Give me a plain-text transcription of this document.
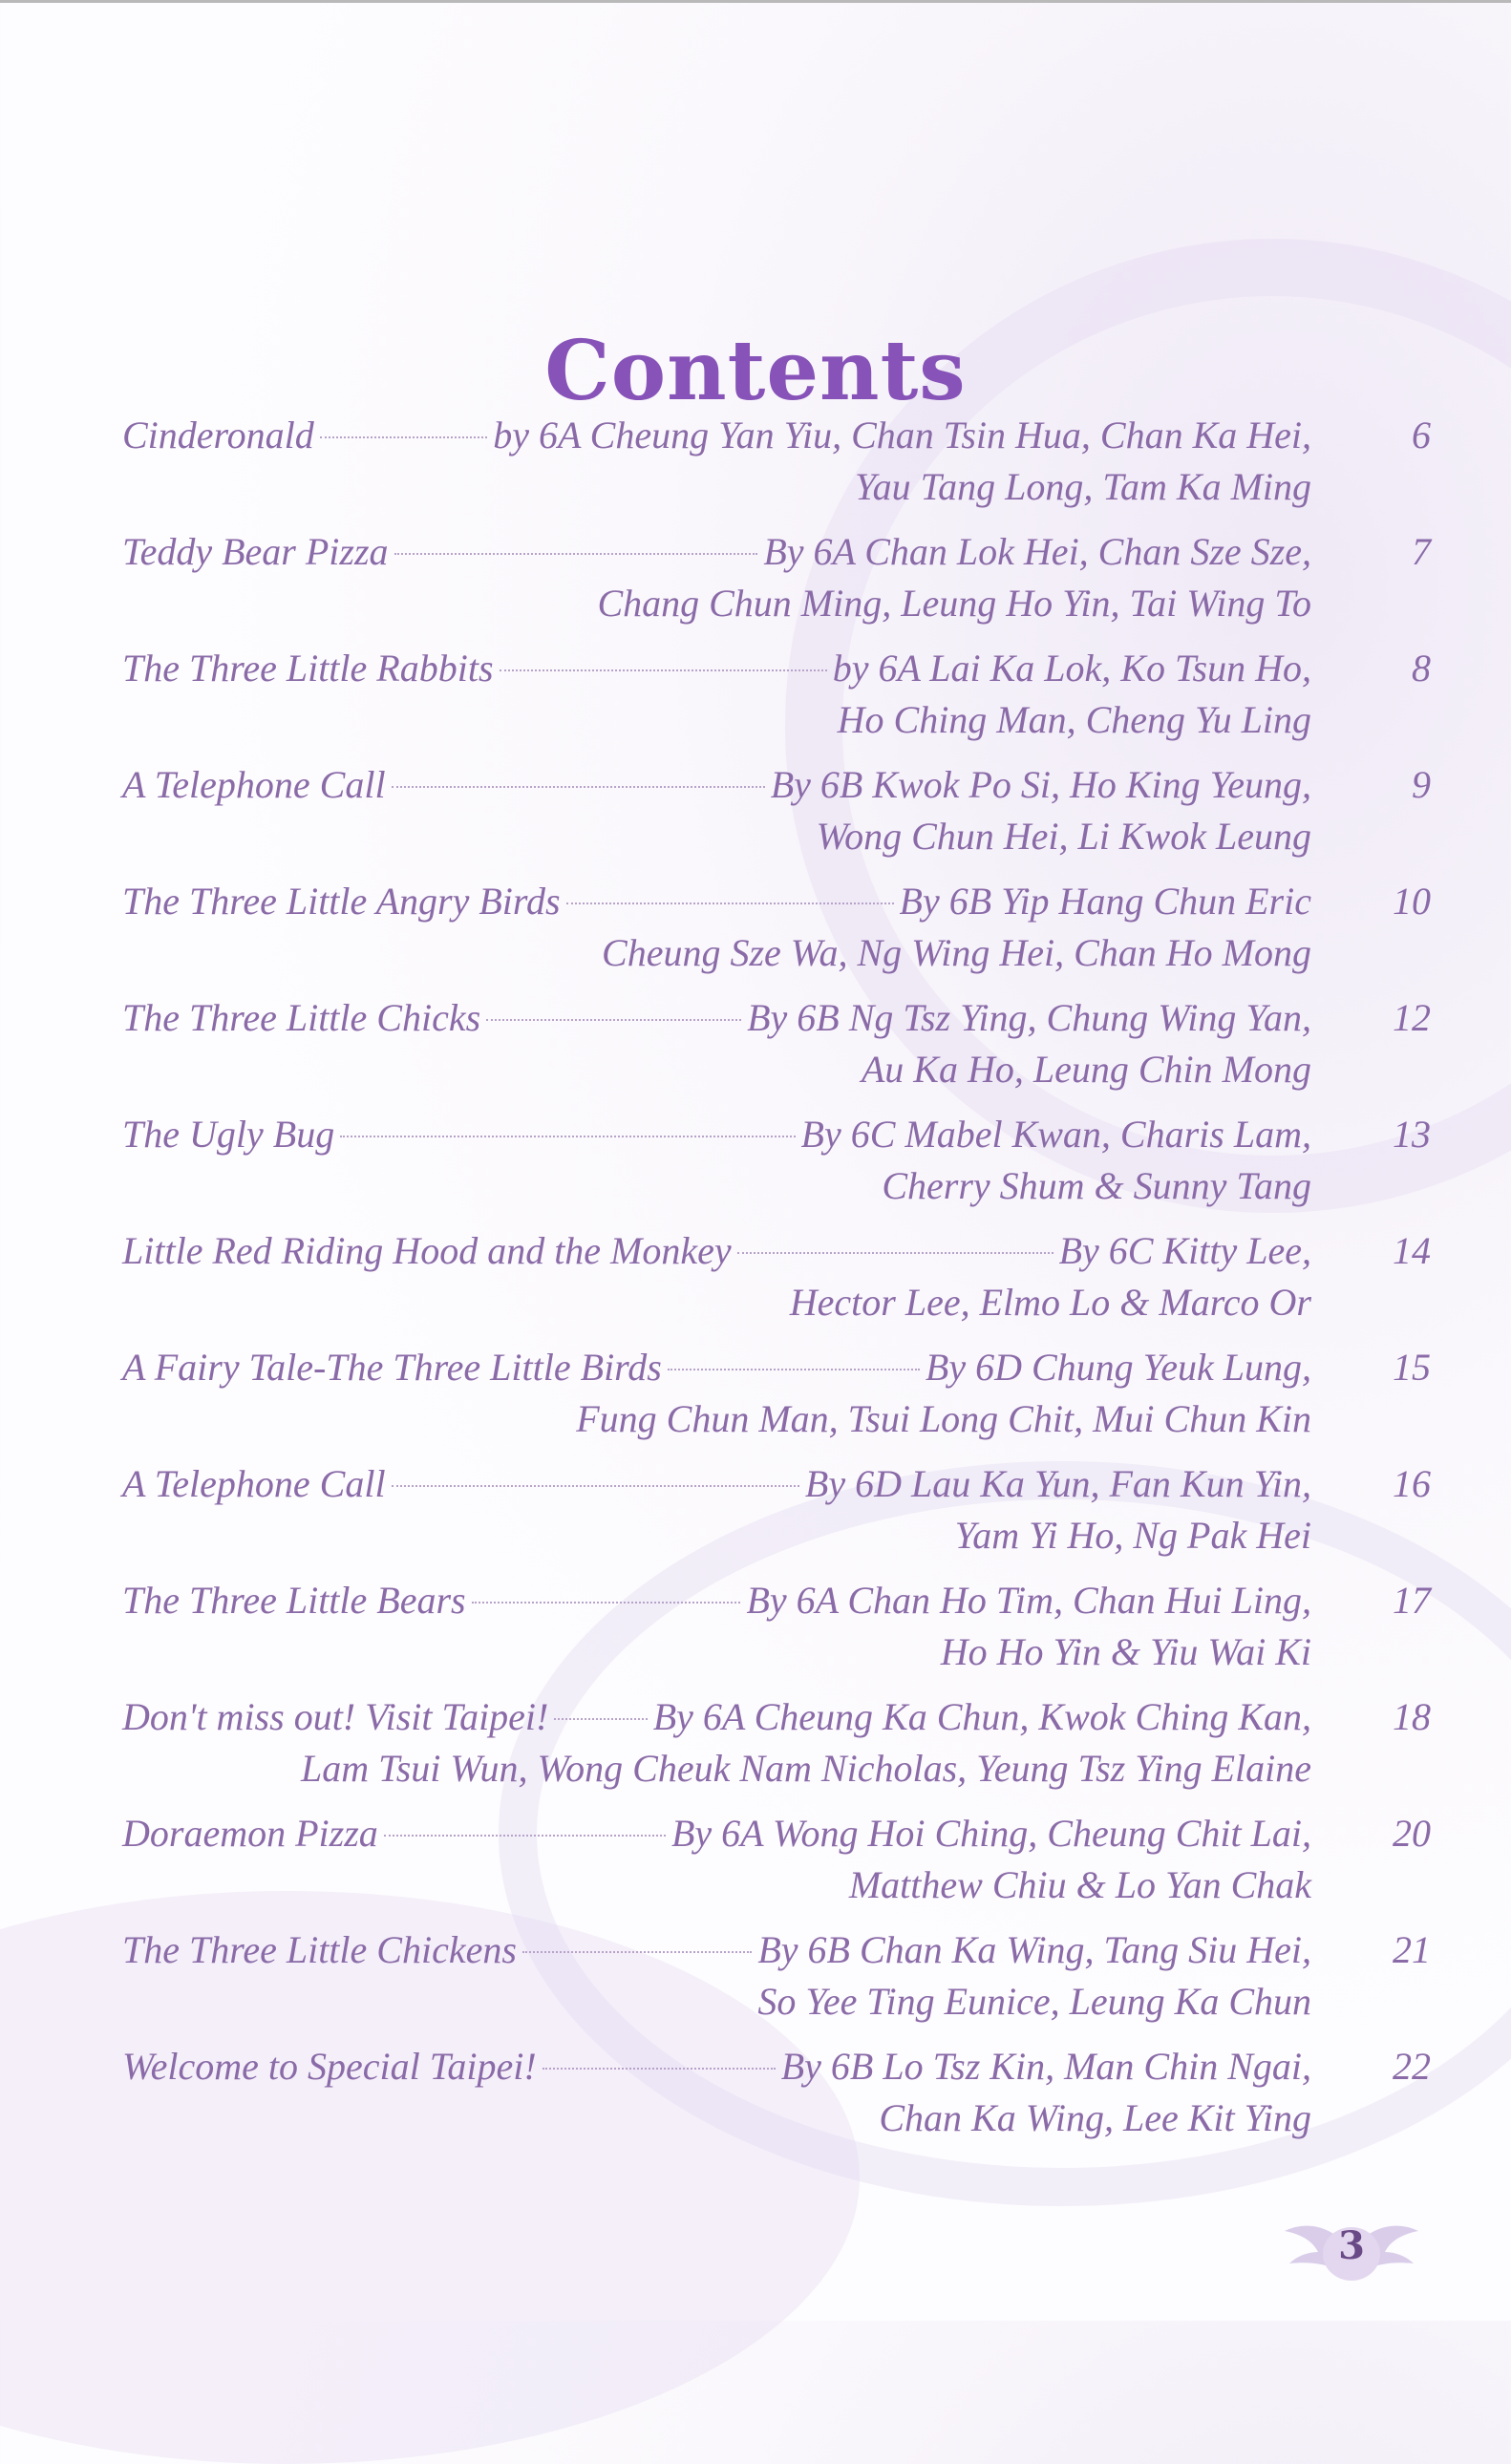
Contents
Cinderonald	by 6A Cheung Yan Yiu, Chan Tsin Hua, Chan Ka Hei,
Yau Tang Long, Tam Ka Ming
6
Teddy Bear Pizza	By 6A Chan Lok Hei, Chan Sze Sze,
Chang Chun Ming, Leung Ho Yin, Tai Wing To
7
The Three Little Rabbits	by 6A Lai Ka Lok, Ko Tsun Ho,
Ho Ching Man, Cheng Yu Ling
8
A Telephone Call	By 6B Kwok Po Si, Ho King Yeung,
Wong Chun Hei, Li Kwok Leung
9
The Three Little Angry Birds	By 6B Yip Hang Chun Eric
Cheung Sze Wa, Ng Wing Hei, Chan Ho Mong
10
The Three Little Chicks	By 6B Ng Tsz Ying, Chung Wing Yan,
Au Ka Ho, Leung Chin Mong
12
The Ugly Bug	By 6C Mabel Kwan, Charis Lam,
Cherry Shum & Sunny Tang
13
Little Red Riding Hood and the Monkey	By 6C Kitty Lee,
Hector Lee, Elmo Lo & Marco Or
14
A Fairy Tale-The Three Little Birds	By 6D Chung Yeuk Lung,
Fung Chun Man, Tsui Long Chit, Mui Chun Kin
15
A Telephone Call	By 6D Lau Ka Yun, Fan Kun Yin,
Yam Yi Ho, Ng Pak Hei
16
The Three Little Bears	By 6A Chan Ho Tim, Chan Hui Ling,
Ho Ho Yin & Yiu Wai Ki
17
Don't miss out! Visit Taipei!	By 6A Cheung Ka Chun, Kwok Ching Kan,
Lam Tsui Wun, Wong Cheuk Nam Nicholas, Yeung Tsz Ying Elaine
18
Doraemon Pizza	By 6A Wong Hoi Ching, Cheung Chit Lai,
Matthew Chiu & Lo Yan Chak
20
The Three Little Chickens	By 6B Chan Ka Wing, Tang Siu Hei,
So Yee Ting Eunice, Leung Ka Chun
21
Welcome to Special Taipei!	By 6B Lo Tsz Kin, Man Chin Ngai,
Chan Ka Wing, Lee Kit Ying
22
3
